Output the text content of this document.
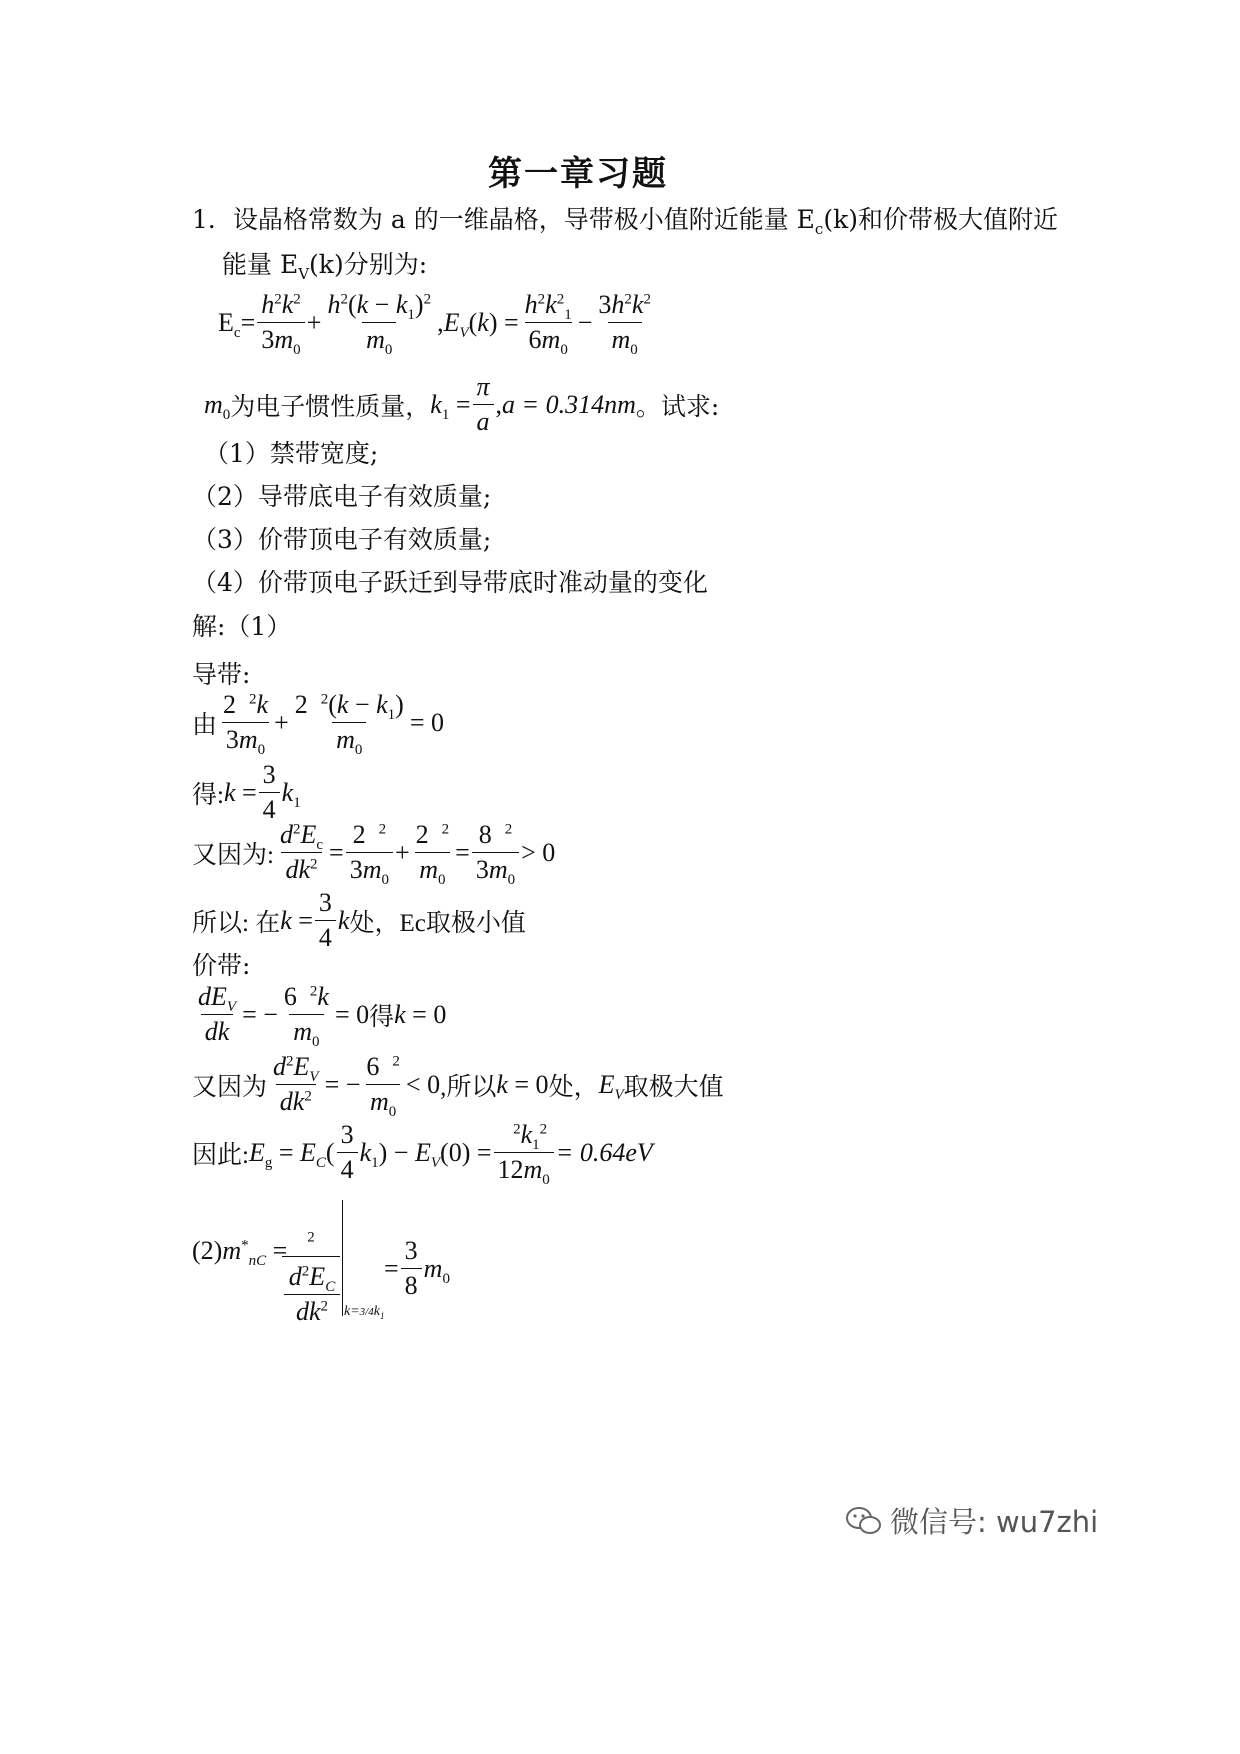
第一章习题
1．设晶格常数为 a 的一维晶格，导带极小值附近能量 $E_c(k)$和价带极大值附近
能量 $E_V(k)$分别为:
$E_c= \frac{h^2k^2}{3m_0} + \frac{h^2(k - k_1)^2}{m_0} ,E_V(k) = \frac{h^2k^2_1}{6m_0} - \frac{3h^2k^2}{m_0}$
$m_0$ 为电子惯性质量， $k_1 = \frac{\pi}{a}$ , a = 0.314nm 。试求:
（1）禁带宽度;
（2）导带底电子有效质量;
（3）价带顶电子有效质量;
（4）价带顶电子跃迁到导带底时准动量的变化
解:（1）
导带:
由 $\frac{2 ^2k}{3m_0} + \frac{2 ^2(k - k_1)}{m_0} = 0$
得: $k = \frac{3}{4} k_1$
又因为: $\frac{d^2E_c}{dk^2} = \frac{2 ^2}{3m_0} + \frac{2 ^2}{m_0} = \frac{8 ^2}{3m_0} > 0$
所以: 在 $k = \frac{3}{4}$ k 处，Ec取极小值
价带:
$\frac{dE_V}{dk}$ = − $\frac{6 ^2k}{m_0} = 0$ 得 k = 0
又因为 $\frac{d^2E_V}{dk^2}$ = − $\frac{6 ^2}{m_0} < 0$ ,所以 k = 0 处， $E_V$ 取极大值
因此: $E_g = E_C( \frac{3}{4} k_1) - E_V(0) = \frac{^2k_1^2}{12m_0} = 0.64eV$
(2) $m^*_{nC}$ =	$^2$
$d^2E_C$
$dk^2$	$k=3/4k_1$
= $\frac{3}{8} m_0$
微信号: wu7zhi
